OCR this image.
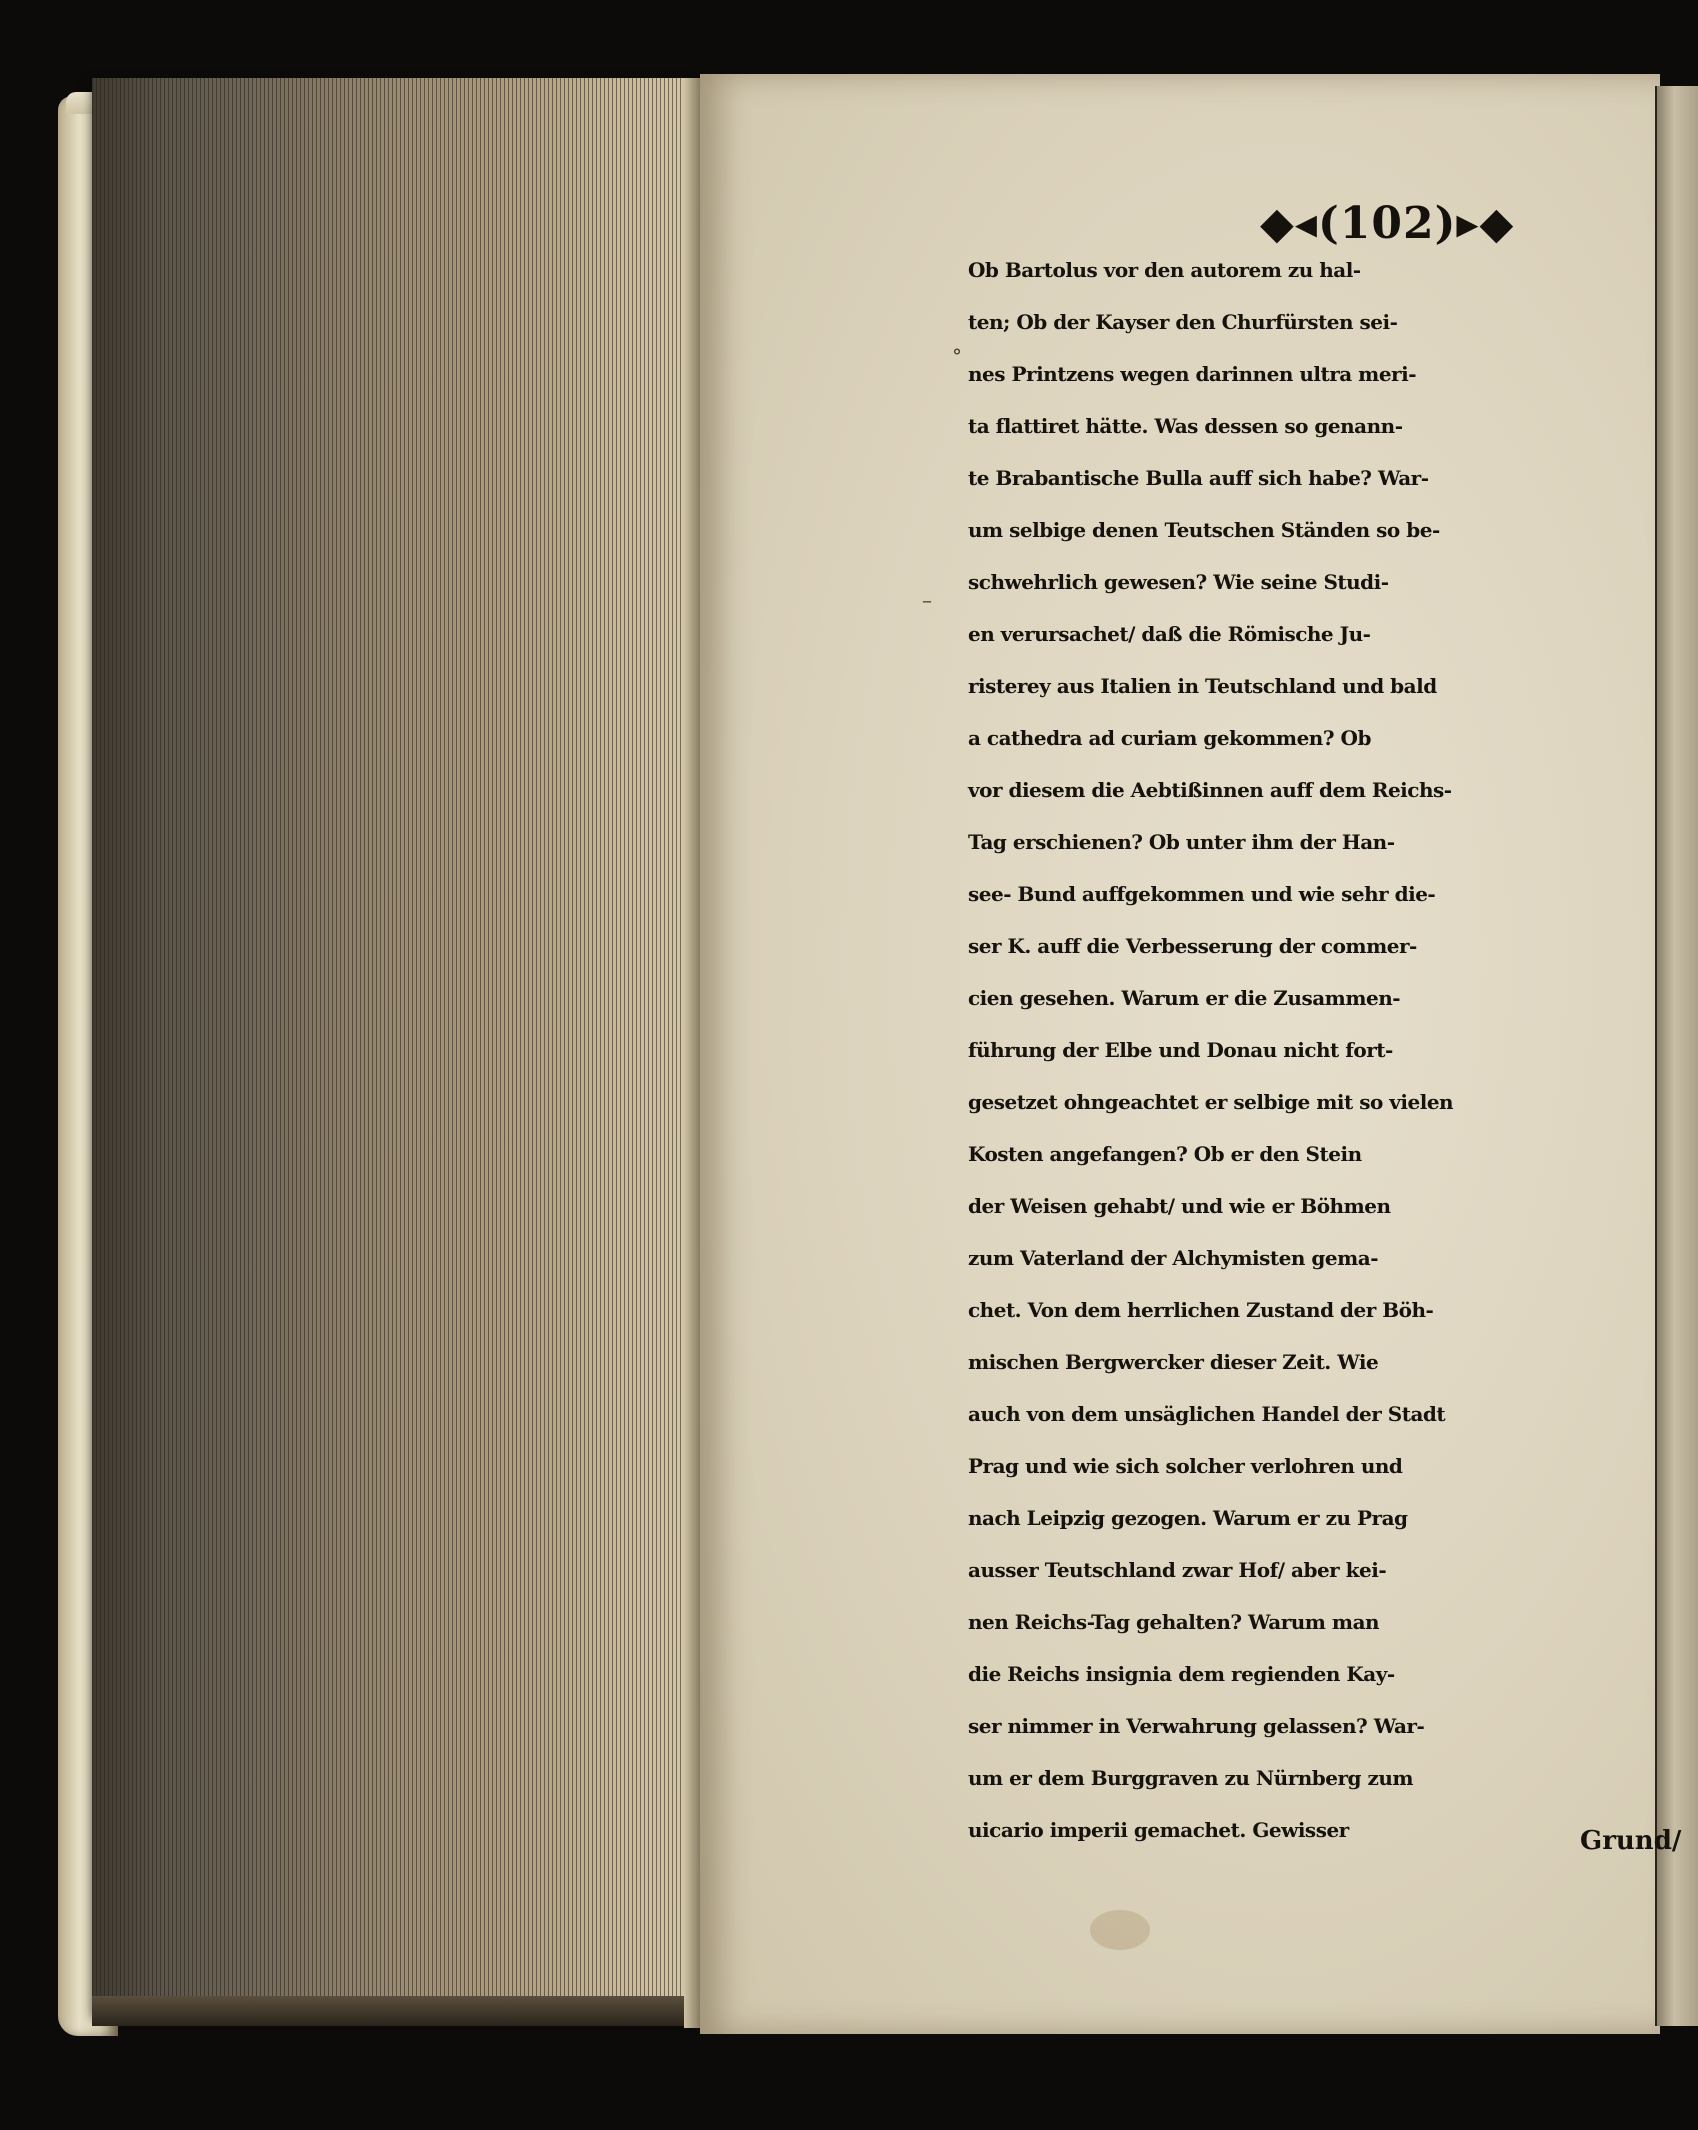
◆◂(102)▸◆
Ob Bartolus vor den autorem zu hal-
ten; Ob der Kayser den Churfürsten sei-
nes Printzens wegen darinnen ultra meri-
ta flattiret hätte. Was dessen so genann-
te Brabantische Bulla auff sich habe? War-
um selbige denen Teutschen Ständen so be-
schwehrlich gewesen? Wie seine Studi-
en verursachet/ daß die Römische Ju-
risterey aus Italien in Teutschland und bald
a cathedra ad curiam gekommen? Ob
vor diesem die Aebtißinnen auff dem Reichs-
Tag erschienen? Ob unter ihm der Han-
see- Bund auffgekommen und wie sehr die-
ser K. auff die Verbesserung der commer-
cien gesehen. Warum er die Zusammen-
führung der Elbe und Donau nicht fort-
gesetzet ohngeachtet er selbige mit so vielen
Kosten angefangen? Ob er den Stein
der Weisen gehabt/ und wie er Böhmen
zum Vaterland der Alchymisten gema-
chet. Von dem herrlichen Zustand der Böh-
mischen Bergwercker dieser Zeit. Wie
auch von dem unsäglichen Handel der Stadt
Prag und wie sich solcher verlohren und
nach Leipzig gezogen. Warum er zu Prag
ausser Teutschland zwar Hof/ aber kei-
nen Reichs-Tag gehalten? Warum man
die Reichs insignia dem regienden Kay-
ser nimmer in Verwahrung gelassen? War-
um er dem Burggraven zu Nürnberg zum
uicario imperii gemachet. Gewisser	Grund/
°
–
